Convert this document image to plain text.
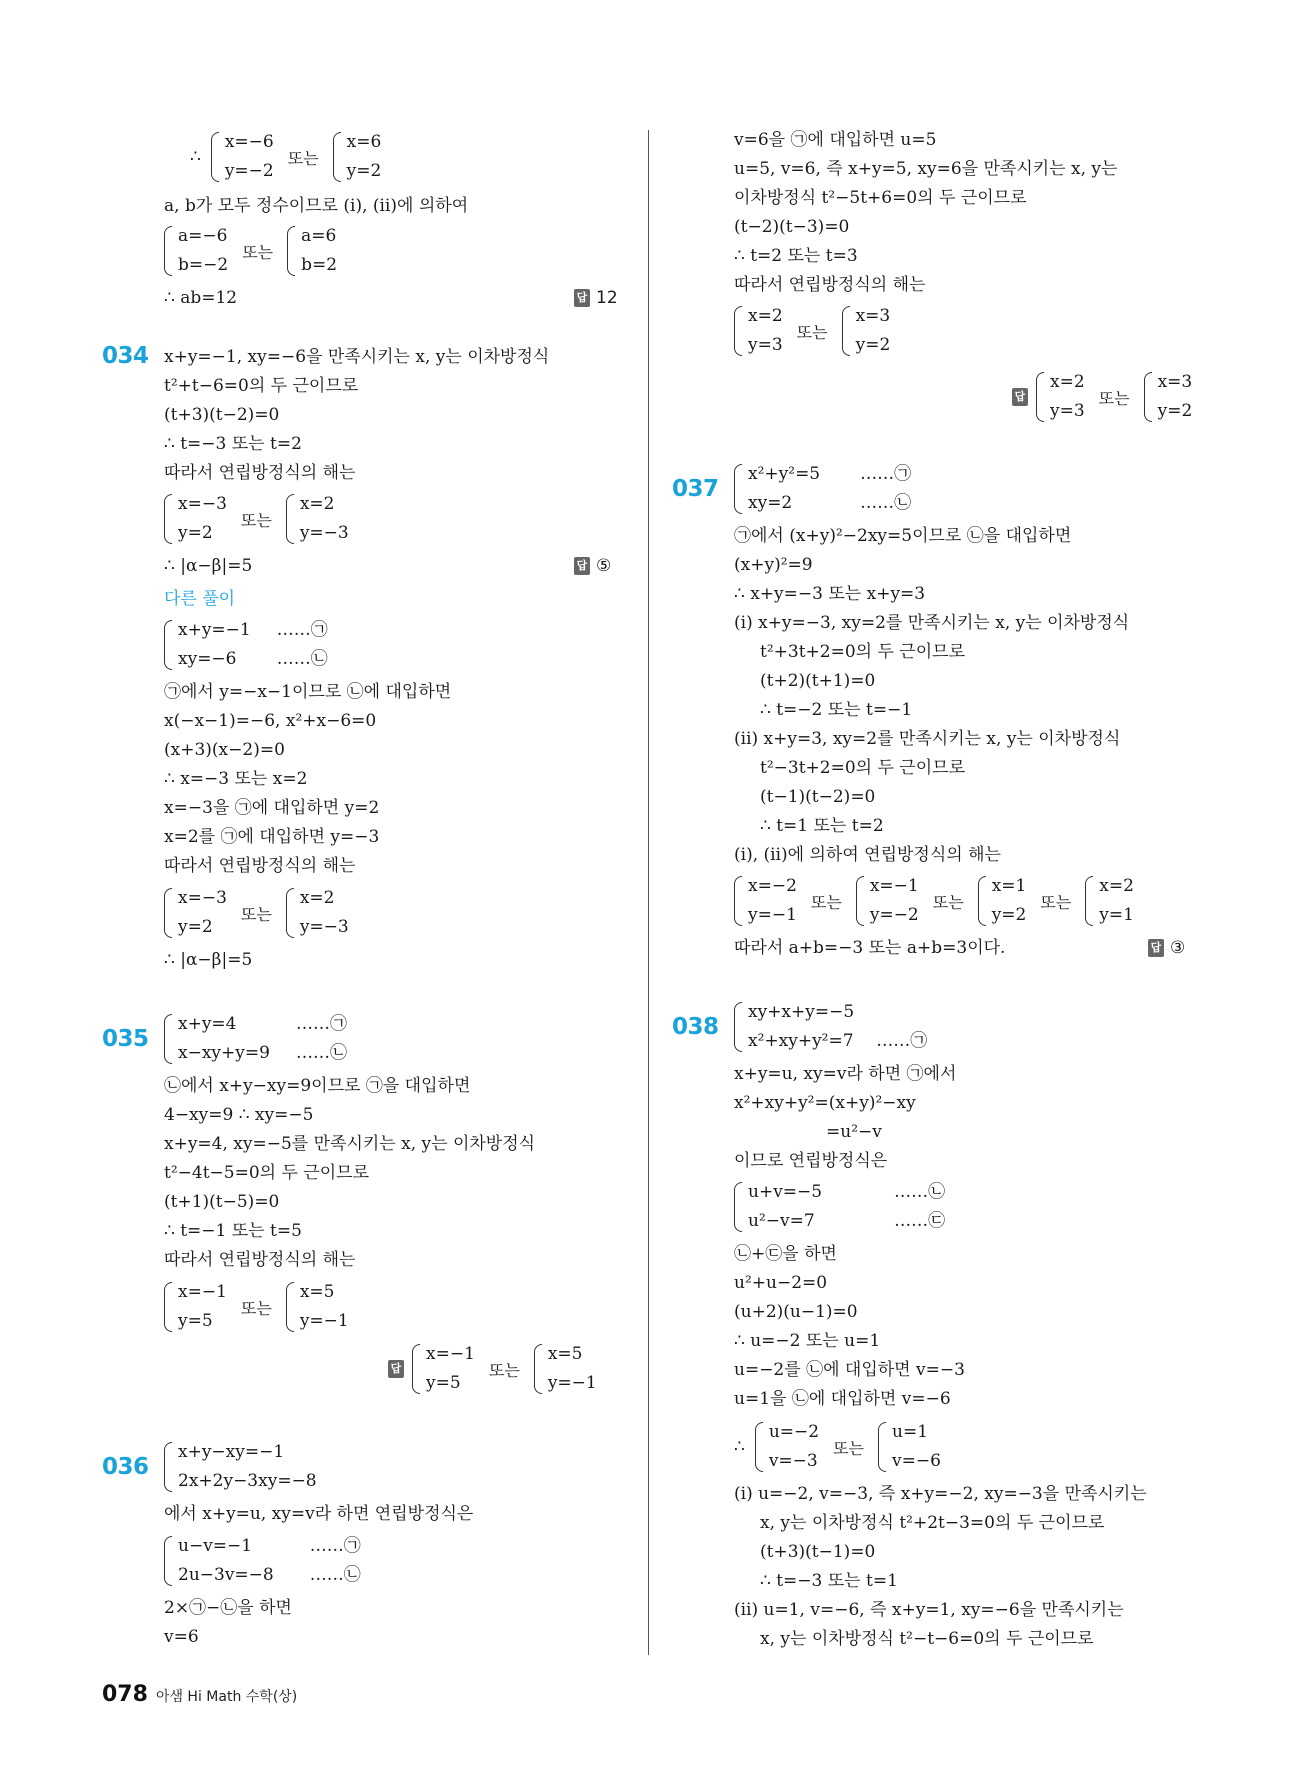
∴
x=−6
y=−2
또는
x=6
y=2
a, b가 모두 정수이므로 (ⅰ), (ⅱ)에 의하여
a=−6
b=−2
또는
a=6
b=2
∴ ab=12	답 12
034 x+y=−1, xy=−6을 만족시키는 x, y는 이차방정식
t²+t−6=0의 두 근이므로
(t+3)(t−2)=0
∴ t=−3 또는 t=2
따라서 연립방정식의 해는
x=−3
y=2
또는
x=2
y=−3
∴ |α−β|=5	답 ⑤
다른 풀이
x+y=−1
xy=−6
……㉠
……㉡
㉠에서 y=−x−1이므로 ㉡에 대입하면
x(−x−1)=−6, x²+x−6=0
(x+3)(x−2)=0
∴ x=−3 또는 x=2
x=−3을 ㉠에 대입하면 y=2
x=2를 ㉠에 대입하면 y=−3
따라서 연립방정식의 해는
x=−3
y=2
또는
x=2
y=−3
∴ |α−β|=5
035
x+y=4
x−xy+y=9
……㉠
……㉡
㉡에서 x+y−xy=9이므로 ㉠을 대입하면
4−xy=9 ∴ xy=−5
x+y=4, xy=−5를 만족시키는 x, y는 이차방정식
t²−4t−5=0의 두 근이므로
(t+1)(t−5)=0
∴ t=−1 또는 t=5
따라서 연립방정식의 해는
x=−1
y=5
또는
x=5
y=−1
답
x=−1
y=5
또는
x=5
y=−1
036
x+y−xy=−1
2x+2y−3xy=−8
에서 x+y=u, xy=v라 하면 연립방정식은
u−v=−1
2u−3v=−8
……㉠
……㉡
2×㉠−㉡을 하면
v=6
v=6을 ㉠에 대입하면 u=5
u=5, v=6, 즉 x+y=5, xy=6을 만족시키는 x, y는
이차방정식 t²−5t+6=0의 두 근이므로
(t−2)(t−3)=0
∴ t=2 또는 t=3
따라서 연립방정식의 해는
x=2
y=3
또는
x=3
y=2
답
x=2
y=3
또는
x=3
y=2
037
x²+y²=5
xy=2
……㉠
……㉡
㉠에서 (x+y)²−2xy=5이므로 ㉡을 대입하면
(x+y)²=9
∴ x+y=−3 또는 x+y=3
(ⅰ) x+y=−3, xy=2를 만족시키는 x, y는 이차방정식
t²+3t+2=0의 두 근이므로
(t+2)(t+1)=0
∴ t=−2 또는 t=−1
(ⅱ) x+y=3, xy=2를 만족시키는 x, y는 이차방정식
t²−3t+2=0의 두 근이므로
(t−1)(t−2)=0
∴ t=1 또는 t=2
(ⅰ), (ⅱ)에 의하여 연립방정식의 해는
x=−2
y=−1
또는
x=−1
y=−2
또는
x=1
y=2
또는
x=2
y=1
따라서 a+b=−3 또는 a+b=3이다.	답 ③
038
xy+x+y=−5
x²+xy+y²=7
……㉠
x+y=u, xy=v라 하면 ㉠에서
x²+xy+y²=(x+y)²−xy
=u²−v
이므로 연립방정식은
u+v=−5
u²−v=7
……㉡
……㉢
㉡+㉢을 하면
u²+u−2=0
(u+2)(u−1)=0
∴ u=−2 또는 u=1
u=−2를 ㉡에 대입하면 v=−3
u=1을 ㉡에 대입하면 v=−6
∴
u=−2
v=−3
또는
u=1
v=−6
(ⅰ) u=−2, v=−3, 즉 x+y=−2, xy=−3을 만족시키는
x, y는 이차방정식 t²+2t−3=0의 두 근이므로
(t+3)(t−1)=0
∴ t=−3 또는 t=1
(ⅱ) u=1, v=−6, 즉 x+y=1, xy=−6을 만족시키는
x, y는 이차방정식 t²−t−6=0의 두 근이므로
078 아샘 Hi Math 수학(상)
